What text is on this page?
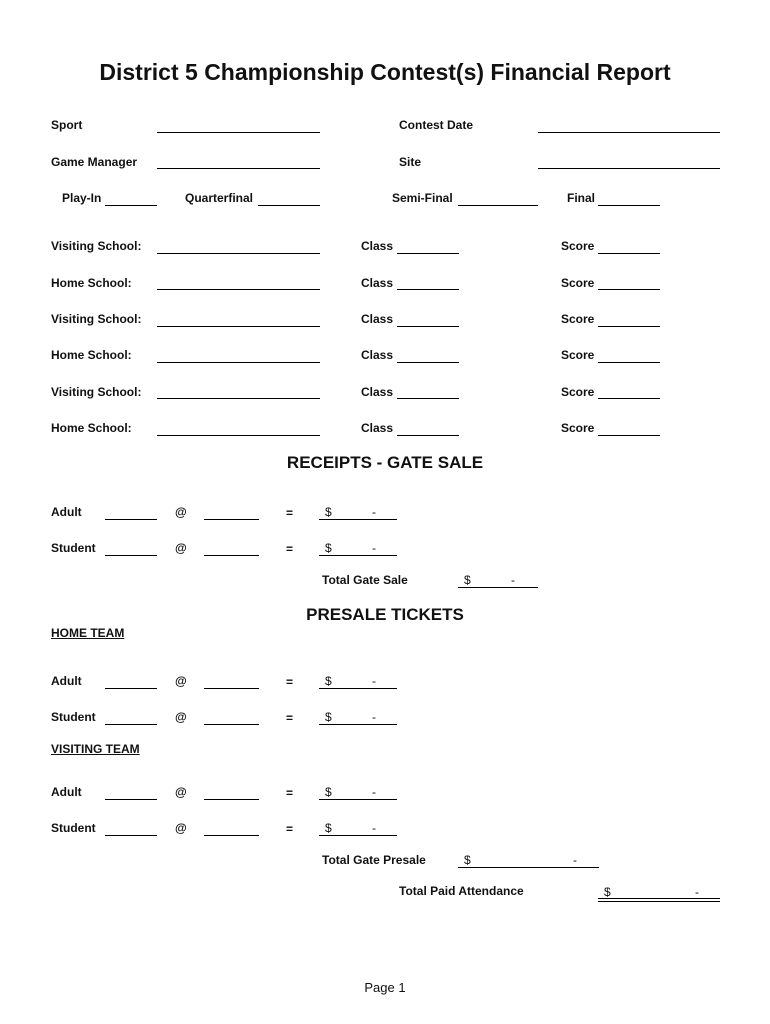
District 5 Championship Contest(s) Financial Report
Sport	Contest Date
Game Manager	Site
Play-In	Quarterfinal	Semi-Final	Final
Visiting School:	Class	Score
Home School:	Class	Score
Visiting School:	Class	Score
Home School:	Class	Score
Visiting School:	Class	Score
Home School:	Class	Score
RECEIPTS - GATE SALE
Adult	@	=	$	-
Student	@	=	$	-
Total Gate Sale	$	-
PRESALE TICKETS
HOME TEAM
Adult	@	=	$	-
Student	@	=	$	-
VISITING TEAM
Adult	@	=	$	-
Student	@	=	$	-
Total Gate Presale	$	-
Total Paid Attendance	$	-
Page 1
